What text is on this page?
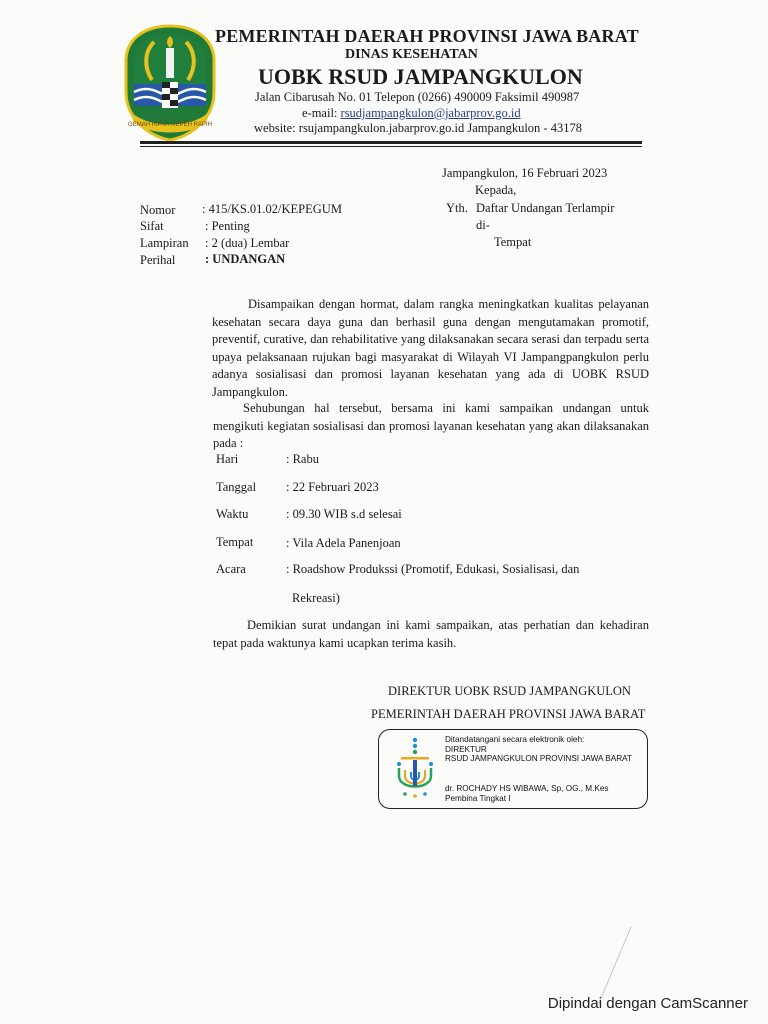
GEMAH RIPAH REPEH RAPIH
PEMERINTAH DAERAH PROVINSI JAWA BARAT
DINAS KESEHATAN
UOBK RSUD JAMPANGKULON
Jalan Cibarusah No. 01 Telepon (0266) 490009 Faksimil 490987
e-mail: rsudjampangkulon@jabarprov.go.id
website: rsujampangkulon.jabarprov.go.id Jampangkulon - 43178
Jampangkulon, 16 Februari 2023
Kepada,
Yth. Daftar Undangan Terlampir
di-
Tempat
Nomor : 415/KS.01.02/KEPEGUM
Sifat	: Penting
Lampiran : 2 (dua) Lembar
Perihal : UNDANGAN
Disampaikan dengan hormat, dalam rangka meningkatkan kualitas pelayanan
kesehatan secara daya guna dan berhasil guna dengan mengutamakan promotif,
preventif, curative, dan rehabilitative yang dilaksanakan secara serasi dan terpadu serta
upaya pelaksanaan rujukan bagi masyarakat di Wilayah VI Jampangpangkulon perlu
adanya sosialisasi dan promosi layanan kesehatan yang ada di UOBK RSUD
Jampangkulon.
Sehubungan hal tersebut, bersama ini kami sampaikan undangan untuk
mengikuti kegiatan sosialisasi dan promosi layanan kesehatan yang akan dilaksanakan
pada :
Hari	: Rabu
Tanggal : 22 Februari 2023
Waktu	: 09.30 WIB s.d selesai
Tempat	: Vila Adela Panenjoan
Acara	: Roadshow Produkssi (Promotif, Edukasi, Sosialisasi, dan
Rekreasi)
Demikian surat undangan ini kami sampaikan, atas perhatian dan kehadiran
tepat pada waktunya kami ucapkan terima kasih.
DIREKTUR UOBK RSUD JAMPANGKULON
PEMERINTAH DAERAH PROVINSI JAWA BARAT
Ditandatangani secara elektronik oleh:
DIREKTUR
RSUD JAMPANGKULON PROVINSI JAWA BARAT
dr. ROCHADY HS WIBAWA, Sp, OG., M.Kes
Pembina Tingkat I
Dipindai dengan CamScanner
